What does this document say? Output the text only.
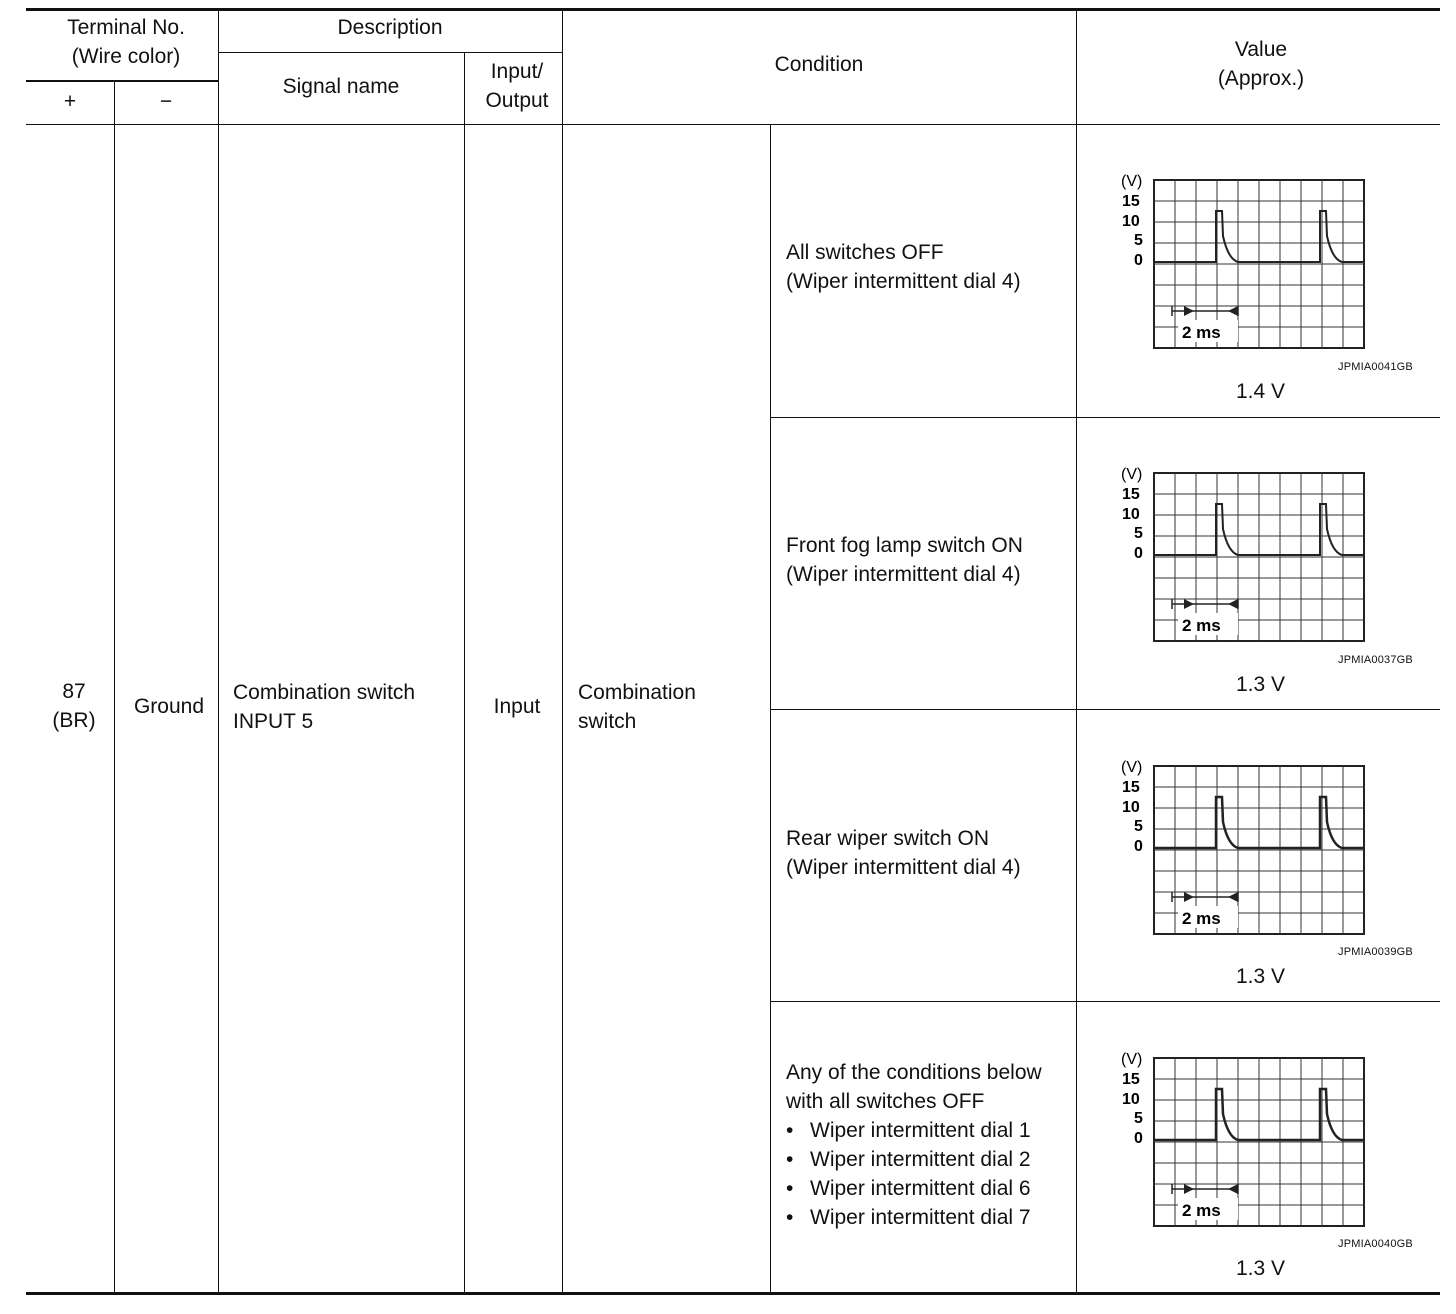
Terminal No.
(Wire color)
+	−
Description
Signal name
Input/
Output
Condition
Value
(Approx.)
87
(BR)
Ground
Combination switch
INPUT 5
Input
Combination
switch
All switches OFF
(Wiper intermittent dial 4)
Front fog lamp switch ON
(Wiper intermittent dial 4)
Rear wiper switch ON
(Wiper intermittent dial 4)
Any of the conditions below
with all switches OFF
• Wiper intermittent dial 1
• Wiper intermittent dial 2
• Wiper intermittent dial 6
• Wiper intermittent dial 7
(V)
15
10
5
0
2 ms
JPMIA0041GB
1.4 V
(V)
15
10
5
0
2 ms
JPMIA0037GB
1.3 V
(V)
15
10
5
0
2 ms
JPMIA0039GB
1.3 V
(V)
15
10
5
0
2 ms
JPMIA0040GB
1.3 V
